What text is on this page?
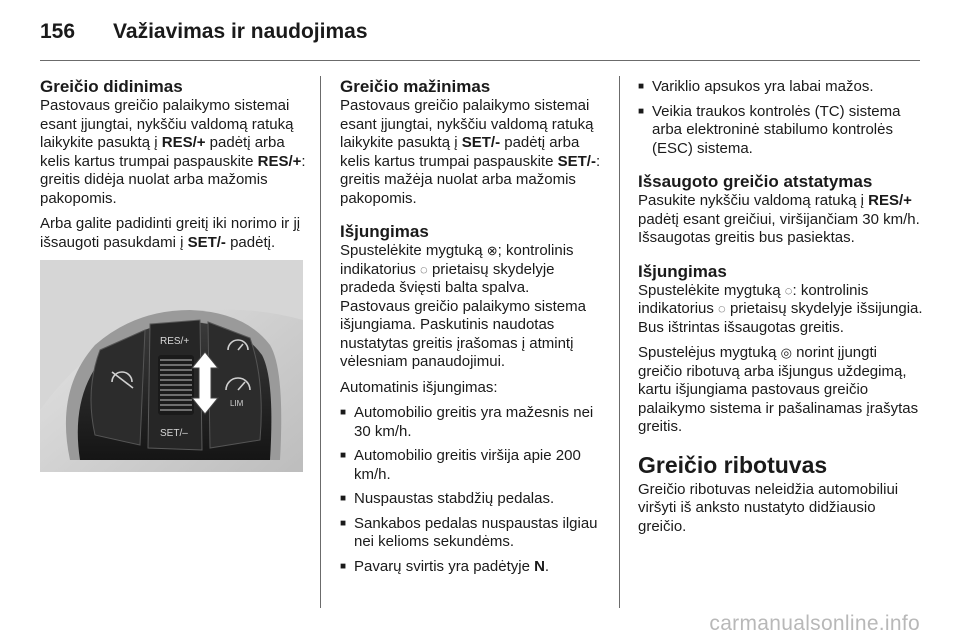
156 Važiavimas ir naudojimas
Greičio didinimas

Pastovaus greičio palaikymo sistemai esant įjungtai, nykščiu valdomą ratuką laikykite pasuktą į RES/+ padėtį arba kelis kartus trumpai paspauskite RES/+: greitis didėja nuolat arba mažomis pakopomis.

Arba galite padidinti greitį iki norimo ir jį išsaugoti pasukdami į SET/- padėtį.

RES/+
SET/–
LIM
Greičio mažinimas

Pastovaus greičio palaikymo sistemai esant įjungtai, nykščiu valdomą ratuką laikykite pasuktą į SET/- padėtį arba kelis kartus trumpai paspauskite SET/-: greitis mažėja nuolat arba mažomis pakopomis.

Išjungimas

Spustelėkite mygtuką ⊗; kontrolinis indikatorius ◌ prietaisų skydelyje pradeda švięsti balta spalva.

Pastovaus greičio palaikymo sistema išjungiama. Paskutinis naudotas nustatytas greitis įrašomas į atmintį vėlesniam panaudojimui.

Automatinis išjungimas:

■ Automobilio greitis yra mažesnis nei 30 km/h.
■ Automobilio greitis viršija apie 200 km/h.
■ Nuspaustas stabdžių pedalas.
■ Sankabos pedalas nuspaustas ilgiau nei kelioms sekundėms.
■ Pavarų svirtis yra padėtyje N.
■ Variklio apsukos yra labai mažos.
■ Veikia traukos kontrolės (TC) sistema arba elektroninė stabilumo kontrolės (ESC) sistema.
Išsaugoto greičio atstatymas

Pasukite nykščiu valdomą ratuką į RES/+ padėtį esant greičiui, viršijančiam 30 km/h. Išsaugotas greitis bus pasiektas.

Išjungimas

Spustelėkite mygtuką ◌: kontrolinis indikatorius ◌ prietaisų skydelyje išsijungia. Bus ištrintas išsaugotas greitis.

Spustelėjus mygtuką ◎ norint įjungti greičio ribotuvą arba išjungus uždegimą, kartu išjungiama pastovaus greičio palaikymo sistema ir pašalinamas įrašytas greitis.

Greičio ribotuvas

Greičio ribotuvas neleidžia automobiliui viršyti iš anksto nustatyto didžiausio greičio.

carmanualsonline.info
